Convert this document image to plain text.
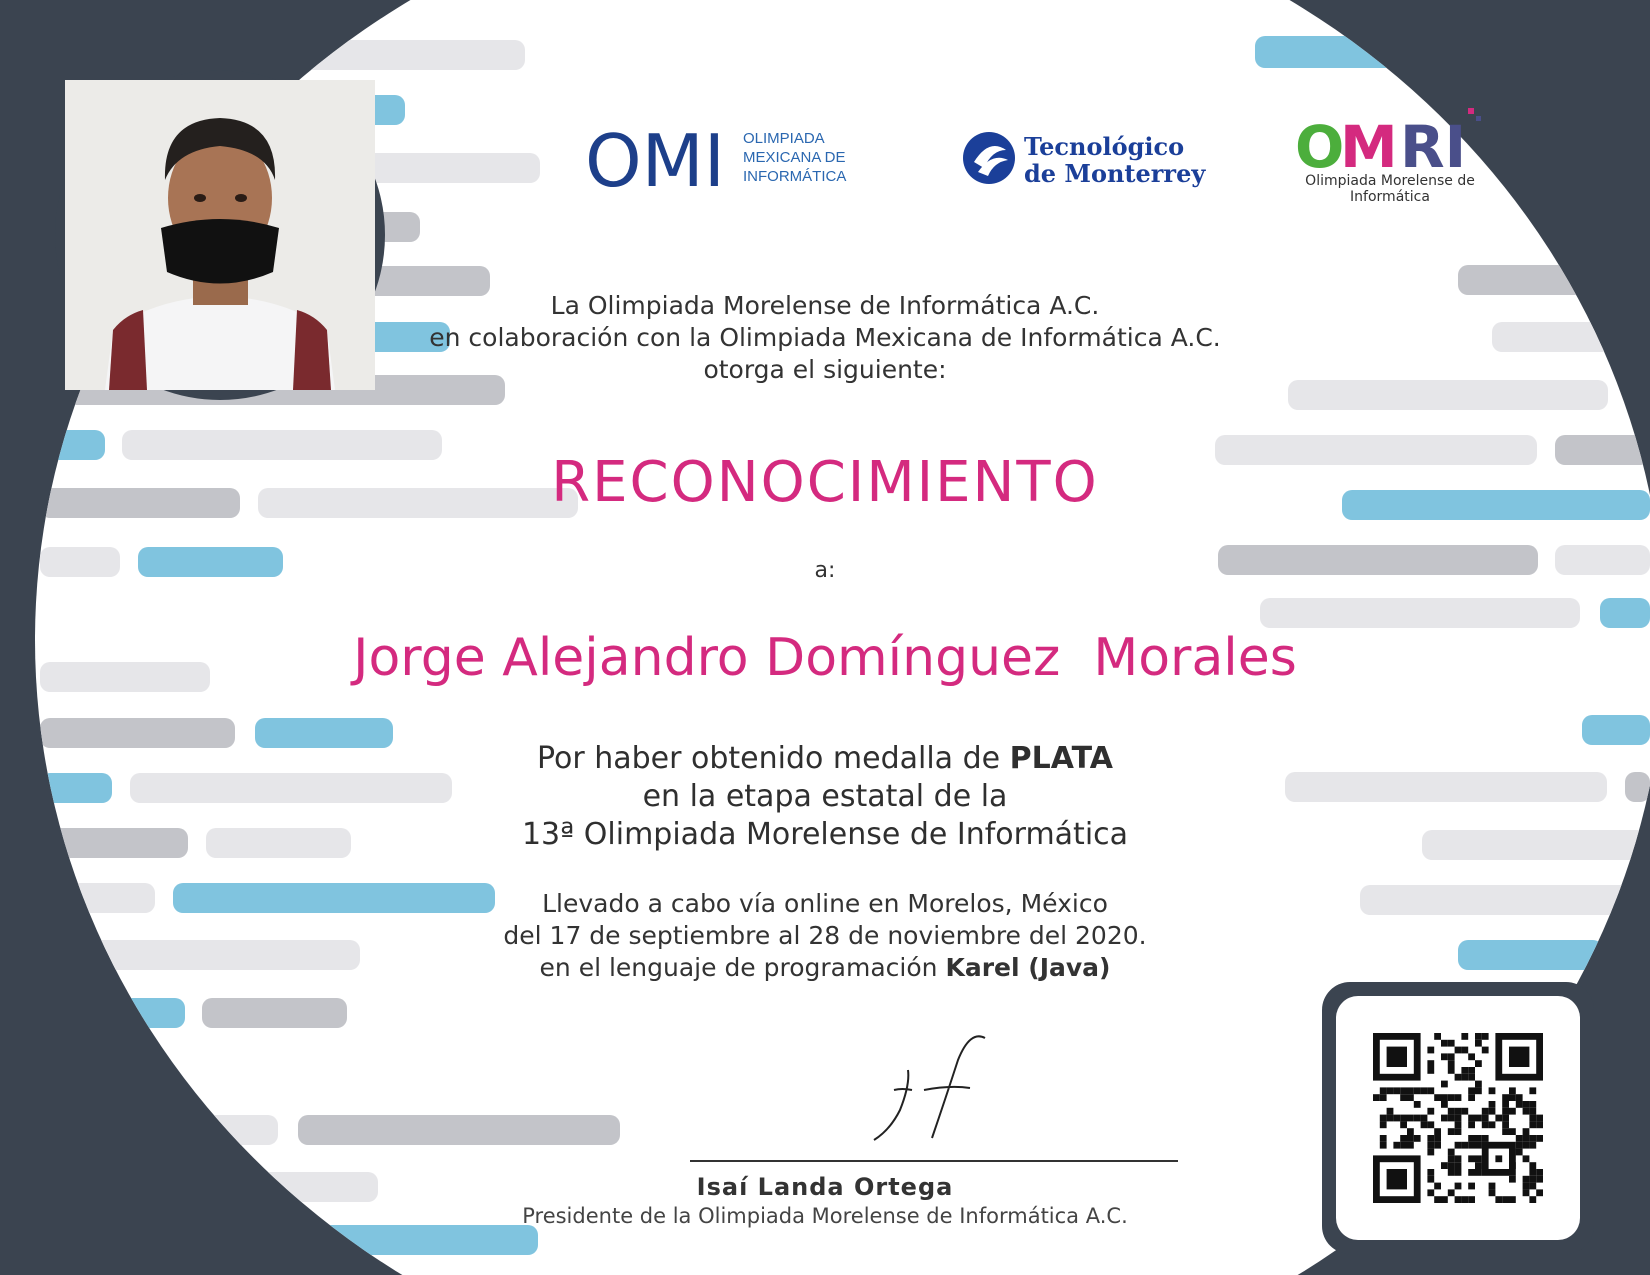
OMI OLIMPIADA
MEXICANA DE
INFORMÁTICA
Tecnológico
de Monterrey O
M RI
Olimpiada Morelense de
Informática
La Olimpiada Morelense de Informática A.C.
en colaboración con la Olimpiada Mexicana de Informática A.C.
otorga el siguiente:
RECONOCIMIENTO
a:
Jorge Alejandro Domínguez  Morales
Por haber obtenido medalla de PLATA
en la etapa estatal de la
13ª Olimpiada Morelense de Informática
Llevado a cabo vía online en Morelos, México
del 17 de septiembre al 28 de noviembre del 2020.
en el lenguaje de programación Karel (Java)
Isaí Landa Ortega
Presidente de la Olimpiada Morelense de Informática A.C.
